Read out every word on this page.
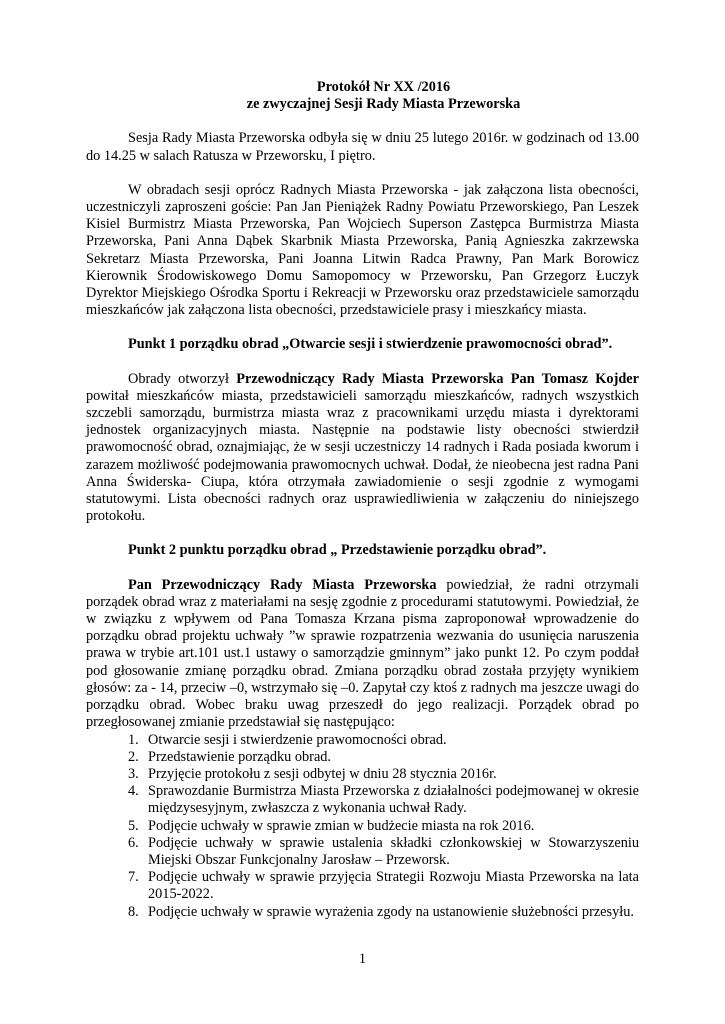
Protokół Nr XX /2016

ze zwyczajnej Sesji Rady Miasta Przeworska

Sesja Rady Miasta Przeworska odbyła się w dniu 25 lutego 2016r. w godzinach od 13.00 do 14.25 w salach Ratusza w Przeworsku, I piętro.

W obradach sesji oprócz Radnych Miasta Przeworska - jak załączona lista obecności, uczestniczyli zaproszeni goście: Pan Jan Pieniążek Radny Powiatu Przeworskiego, Pan Leszek Kisiel Burmistrz Miasta Przeworska, Pan Wojciech Superson Zastępca Burmistrza Miasta Przeworska, Pani Anna Dąbek Skarbnik Miasta Przeworska, Panią Agnieszka zakrzewska Sekretarz Miasta Przeworska, Pani Joanna Litwin Radca Prawny, Pan Mark Borowicz Kierownik Środowiskowego Domu Samopomocy w Przeworsku, Pan Grzegorz Łuczyk Dyrektor Miejskiego Ośrodka Sportu i Rekreacji w Przeworsku oraz przedstawiciele samorządu mieszkańców jak załączona lista obecności, przedstawiciele prasy i mieszkańcy miasta.

Punkt 1 porządku obrad „Otwarcie sesji i stwierdzenie prawomocności obrad”.

Obrady otworzył Przewodniczący Rady Miasta Przeworska Pan Tomasz Kojder powitał mieszkańców miasta, przedstawicieli samorządu mieszkańców, radnych wszystkich szczebli samorządu, burmistrza miasta wraz z pracownikami urzędu miasta i dyrektorami jednostek organizacyjnych miasta. Następnie na podstawie listy obecności stwierdził prawomocność obrad, oznajmiając, że w sesji uczestniczy 14 radnych i Rada posiada kworum i zarazem możliwość podejmowania prawomocnych uchwał. Dodał, że nieobecna jest radna Pani Anna Świderska- Ciupa, która otrzymała zawiadomienie o sesji zgodnie z wymogami statutowymi. Lista obecności radnych oraz usprawiedliwienia w załączeniu do niniejszego protokołu.

Punkt 2 punktu porządku obrad „ Przedstawienie porządku obrad”.

Pan Przewodniczący Rady Miasta Przeworska powiedział, że radni otrzymali porządek obrad wraz z materiałami na sesję zgodnie z procedurami statutowymi. Powiedział, że w związku z wpływem od Pana Tomasza Krzana pisma zaproponował wprowadzenie do porządku obrad projektu uchwały ”w sprawie rozpatrzenia wezwania do usunięcia naruszenia prawa w trybie art.101 ust.1 ustawy o samorządzie gminnym” jako punkt 12. Po czym poddał pod głosowanie zmianę porządku obrad. Zmiana porządku obrad została przyjęty wynikiem głosów: za - 14, przeciw –0, wstrzymało się –0. Zapytał czy ktoś z radnych ma jeszcze uwagi do porządku obrad. Wobec braku uwag przeszedł do jego realizacji. Porządek obrad po przegłosowanej zmianie przedstawiał się następująco:

1. Otwarcie sesji i stwierdzenie prawomocności obrad.
2. Przedstawienie porządku obrad.
3. Przyjęcie protokołu z sesji odbytej w dniu 28 stycznia 2016r.
4. Sprawozdanie Burmistrza Miasta Przeworska z działalności podejmowanej w okresie międzysesyjnym, zwłaszcza z wykonania uchwał Rady.
5. Podjęcie uchwały w sprawie zmian w budżecie miasta na rok 2016.
6. Podjęcie uchwały w sprawie ustalenia składki członkowskiej w Stowarzyszeniu Miejski Obszar Funkcjonalny Jarosław – Przeworsk.
7. Podjęcie uchwały w sprawie przyjęcia Strategii Rozwoju Miasta Przeworska na lata 2015-2022.
8. Podjęcie uchwały w sprawie wyrażenia zgody na ustanowienie służebności przesyłu.
1
